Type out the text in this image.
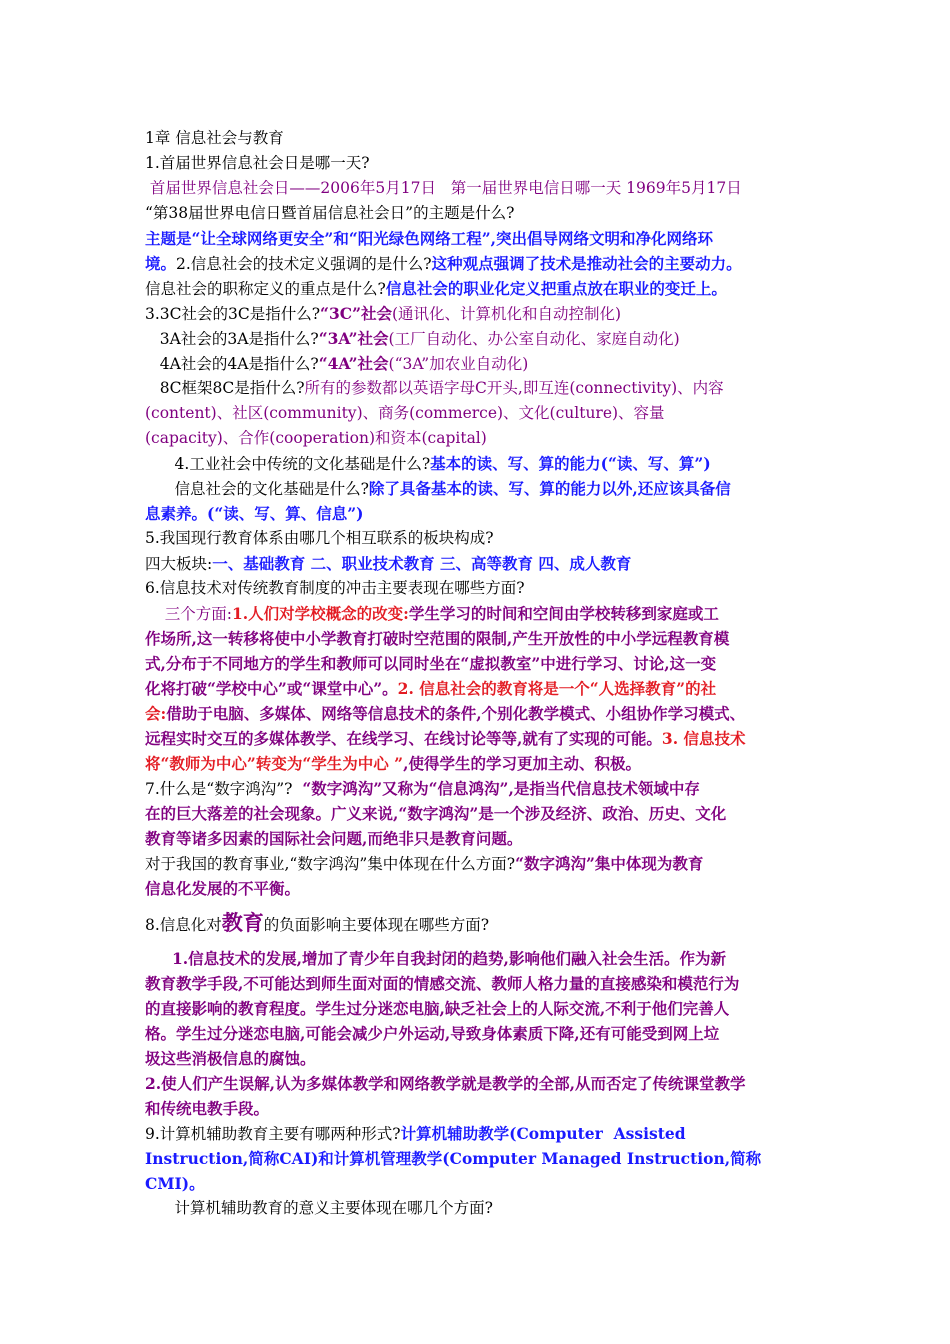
1章 信息社会与教育
1.首届世界信息社会日是哪一天?
首届世界信息社会日——2006年5月17日   第一届世界电信日哪一天 1969年5月17日
“第38届世界电信日暨首届信息社会日”的主题是什么?
主题是“让全球网络更安全”和“阳光绿色网络工程”,突出倡导网络文明和净化网络环
境。2.信息社会的技术定义强调的是什么?这种观点强调了技术是推动社会的主要动力。
信息社会的职称定义的重点是什么?信息社会的职业化定义把重点放在职业的变迁上。
3.3C社会的3C是指什么?“3C”社会(通讯化、计算机化和自动控制化)
3A社会的3A是指什么?“3A”社会(工厂自动化、办公室自动化、家庭自动化)
4A社会的4A是指什么?“4A”社会(“3A”加农业自动化)
8C框架8C是指什么?所有的参数都以英语字母C开头,即互连(connectivity)、内容
(content)、社区(community)、商务(commerce)、文化(culture)、容量
(capacity)、合作(cooperation)和资本(capital)
4.工业社会中传统的文化基础是什么?基本的读、写、算的能力(“读、写、算”)
信息社会的文化基础是什么?除了具备基本的读、写、算的能力以外,还应该具备信
息素养。(“读、写、算、信息”)
5.我国现行教育体系由哪几个相互联系的板块构成?
四大板块:一、基础教育 二、职业技术教育 三、高等教育 四、成人教育
6.信息技术对传统教育制度的冲击主要表现在哪些方面?
三个方面:1.人们对学校概念的改变:学生学习的时间和空间由学校转移到家庭或工
作场所,这一转移将使中小学教育打破时空范围的限制,产生开放性的中小学远程教育模
式,分布于不同地方的学生和教师可以同时坐在“虚拟教室”中进行学习、讨论,这一变
化将打破“学校中心”或“课堂中心”。2. 信息社会的教育将是一个“人选择教育”的社
会:借助于电脑、多媒体、网络等信息技术的条件,个别化教学模式、小组协作学习模式、
远程实时交互的多媒体教学、在线学习、在线讨论等等,就有了实现的可能。3. 信息技术
将“教师为中心”转变为“学生为中心 ”,使得学生的学习更加主动、积极。
7.什么是“数字鸿沟”?  “数字鸿沟”又称为“信息鸿沟”,是指当代信息技术领域中存
在的巨大落差的社会现象。广义来说,“数字鸿沟”是一个涉及经济、政治、历史、文化
教育等诸多因素的国际社会问题,而绝非只是教育问题。
对于我国的教育事业,“数字鸿沟”集中体现在什么方面?“数字鸿沟”集中体现为教育
信息化发展的不平衡。
8.信息化对教育的负面影响主要体现在哪些方面?
1.信息技术的发展,增加了青少年自我封闭的趋势,影响他们融入社会生活。作为新
教育教学手段,不可能达到师生面对面的情感交流、教师人格力量的直接感染和模范行为
的直接影响的教育程度。学生过分迷恋电脑,缺乏社会上的人际交流,不利于他们完善人
格。学生过分迷恋电脑,可能会减少户外运动,导致身体素质下降,还有可能受到网上垃
圾这些消极信息的腐蚀。
2.使人们产生误解,认为多媒体教学和网络教学就是教学的全部,从而否定了传统课堂教学
和传统电教手段。
9.计算机辅助教育主要有哪两种形式?计算机辅助教学(Computer  Assisted
Instruction,简称CAI)和计算机管理教学(Computer Managed Instruction,简称
CMI)。
计算机辅助教育的意义主要体现在哪几个方面?
